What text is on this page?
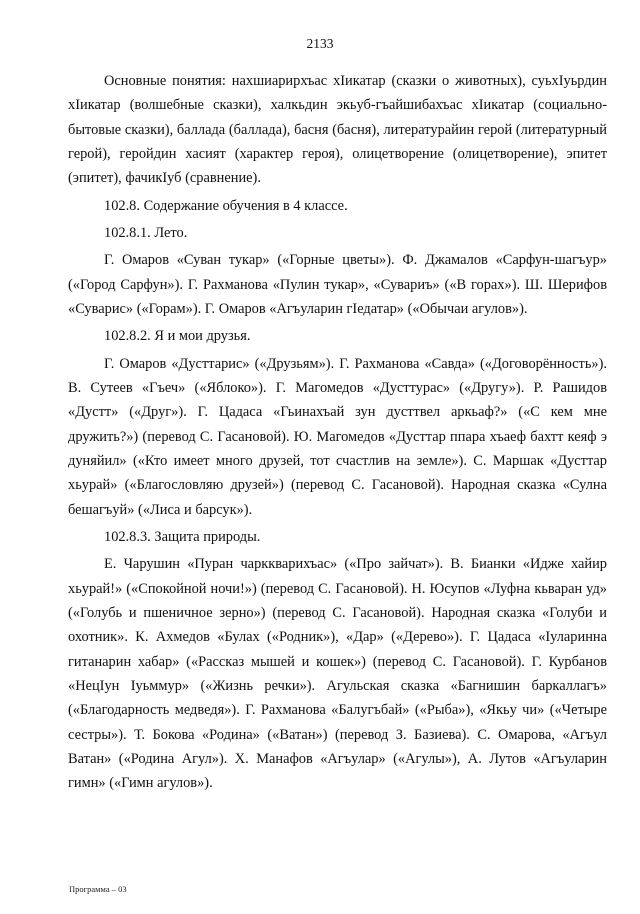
2133

Основные понятия: нахшиарирхъас хIикатар (сказки о животных), суьхIуьрдин хIикатар (волшебные сказки), халкьдин экьуб-гъайшибахъас хIикатар (социально-бытовые сказки), баллада (баллада), басня (басня), литературайин герой (литературный герой), геройдин хасият (характер героя), олицетворение (олицетворение), эпитет (эпитет), фачикIуб (сравнение).

102.8. Содержание обучения в 4 классе.

102.8.1. Лето.

Г. Омаров «Суван тукар» («Горные цветы»). Ф. Джамалов «Сарфун-шагъур» («Город Сарфун»). Г. Рахманова «Пулин тукар», «Сувариъ» («В горах»). Ш. Шерифов «Суварис» («Горам»). Г. Омаров «Агъуларин гIедатар» («Обычаи агулов»).

102.8.2. Я и мои друзья.

Г. Омаров «Дусттарис» («Друзьям»). Г. Рахманова «Савда» («Договорённость»). В. Сутеев «Гъеч» («Яблоко»). Г. Магомедов «Дусттурас» («Другу»). Р. Рашидов «Дустт» («Друг»). Г. Цадаса «Гьинахъай зун дусттвел аркьаф?» («С кем мне дружить?») (перевод С. Гасановой). Ю. Магомедов «Дусттар ппара хъаеф бахтт кеяф э дуняйил» («Кто имеет много друзей, тот счастлив на земле»). С. Маршак «Дусттар хьурай» («Благословляю друзей») (перевод С. Гасановой). Народная сказка «Сулна бешагъуй» («Лиса и барсук»).

102.8.3. Защита природы.

Е. Чарушин «Пуран чарккварихъас» («Про зайчат»). В. Бианки «Идже хайир хьурай!» («Спокойной ночи!») (перевод С. Гасановой). Н. Юсупов «Луфна кьваран уд» («Голубь и пшеничное зерно») (перевод С. Гасановой). Народная сказка «Голуби и охотник». К. Ахмедов «Булах («Родник»), «Дар» («Дерево»). Г. Цадаса «Iуларинна гитанарин хабар» («Рассказ мышей и кошек») (перевод С. Гасановой). Г. Курбанов «НецIун Iуьммур» («Жизнь речки»). Агульская сказка «Багнишин баркаллагъ» («Благодарность медведя»). Г. Рахманова «Балугъбай» («Рыба»), «Якьу чи» («Четыре сестры»). Т. Бокова «Родина» («Ватан») (перевод З. Базиева). С. Омарова, «Агъул Ватан» («Родина Агул»). Х. Манафов «Агъулар» («Агулы»), А. Лутов «Агъуларин гимн» («Гимн агулов»).

Программа – 03
